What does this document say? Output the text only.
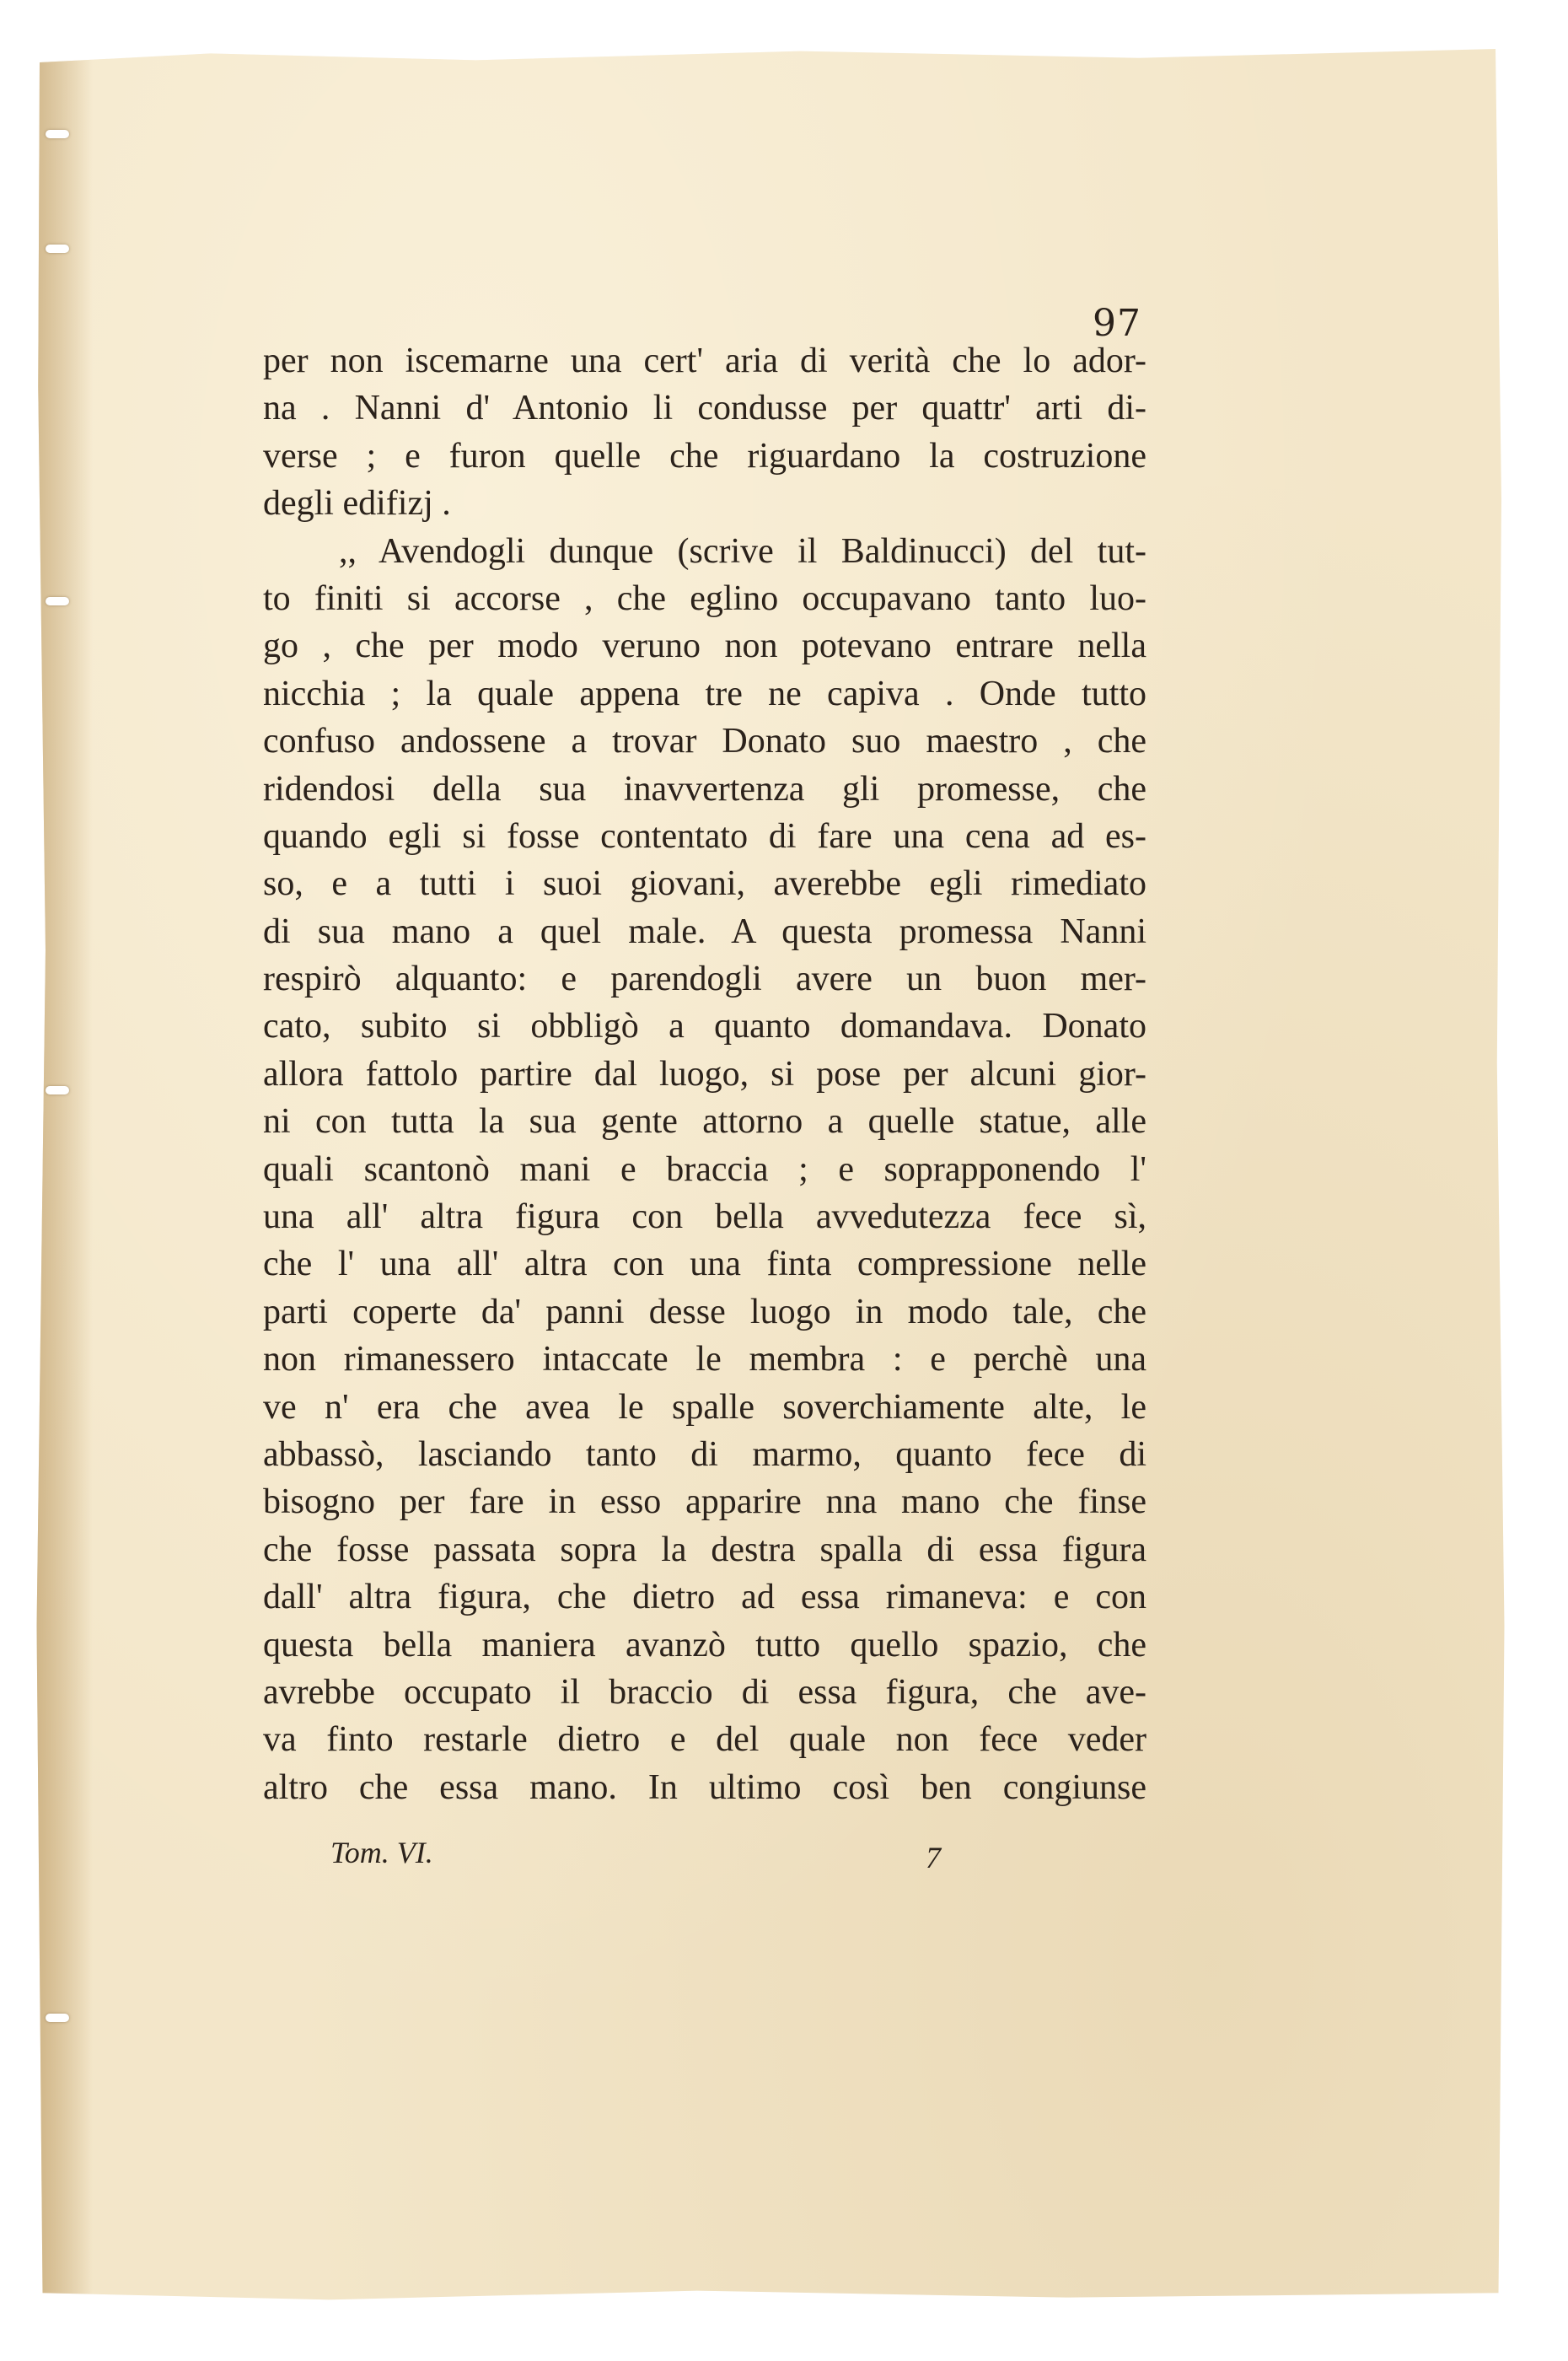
97
per non iscemarne una cert' aria di verità che lo ador-
na . Nanni d' Antonio li condusse per quattr' arti di-
verse ; e furon quelle che riguardano la costruzione
degli edifizj .
,, Avendogli dunque (scrive il Baldinucci) del tut-
to finiti si accorse , che eglino occupavano tanto luo-
go , che per modo veruno non potevano entrare nella
nicchia ; la quale appena tre ne capiva . Onde tutto
confuso andossene a trovar Donato suo maestro , che
ridendosi della sua inavvertenza gli promesse, che
quando egli si fosse contentato di fare una cena ad es-
so, e a tutti i suoi giovani, averebbe egli rimediato
di sua mano a quel male. A questa promessa Nanni
respirò alquanto: e parendogli avere un buon mer-
cato, subito si obbligò a quanto domandava. Donato
allora fattolo partire dal luogo, si pose per alcuni gior-
ni con tutta la sua gente attorno a quelle statue, alle
quali scantonò mani e braccia ; e soprapponendo l'
una all' altra figura con bella avvedutezza fece sì,
che l' una all' altra con una finta compressione nelle
parti coperte da' panni desse luogo in modo tale, che
non rimanessero intaccate le membra : e perchè una
ve n' era che avea le spalle soverchiamente alte, le
abbassò, lasciando tanto di marmo, quanto fece di
bisogno per fare in esso apparire nna mano che finse
che fosse passata sopra la destra spalla di essa figura
dall' altra figura, che dietro ad essa rimaneva: e con
questa bella maniera avanzò tutto quello spazio, che
avrebbe occupato il braccio di essa figura, che ave-
va finto restarle dietro e del quale non fece veder
altro che essa mano. In ultimo così ben congiunse
Tom. VI.	7
